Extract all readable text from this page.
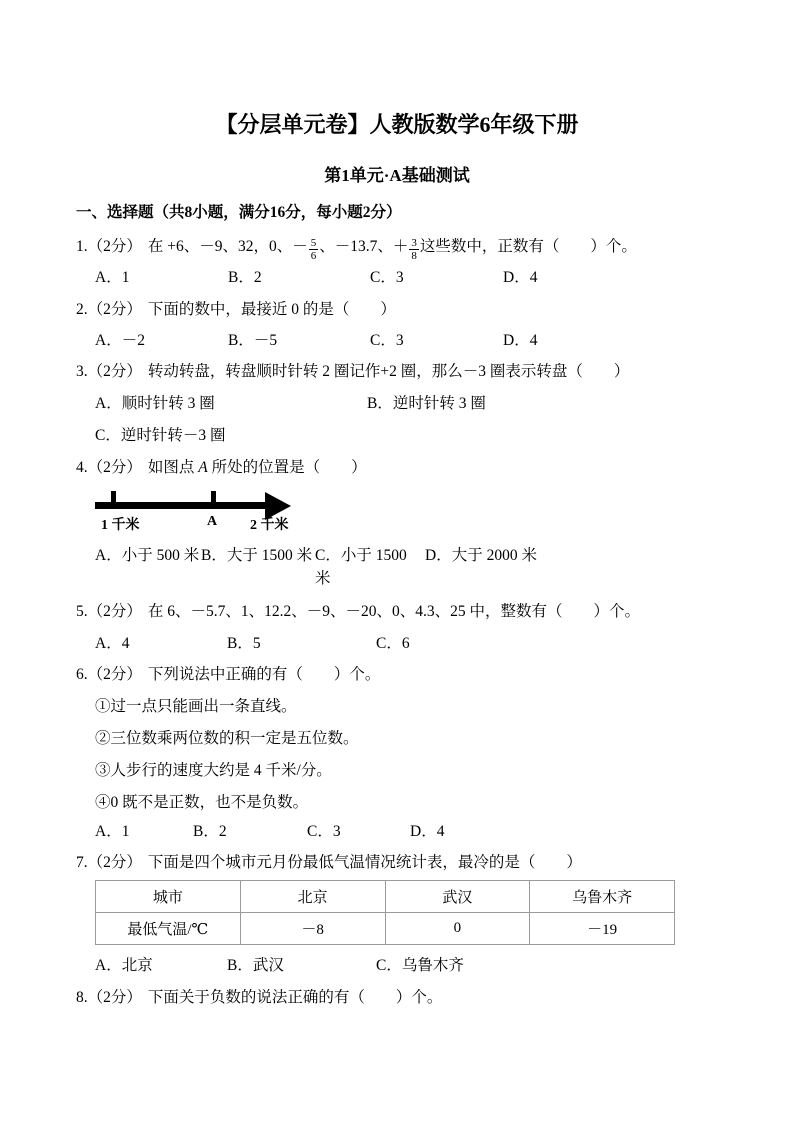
【分层单元卷】人教版数学6年级下册
第1单元·A基础测试
一、选择题（共8小题，满分16分，每小题2分）
1.（2分） 在 +6、－9、32，0、－ $\frac{5}{6}$ 、－13.7、＋ $\frac{3}{8}$ 这些数中，正数有（　　）个。
A．1	B．2	C．3	D．4
2.（2分） 下面的数中，最接近 0 的是（　　）
A．－2	B．－5	C．3	D．4
3.（2分） 转动转盘，转盘顺时针转 2 圈记作+2 圈，那么－3 圈表示转盘（　　）
A．顺时针转 3 圈	B．逆时针转 3 圈
C．逆时针转－3 圈
4.（2分） 如图点 A 所处的位置是（　　）
1 千米	A 2 千米
A．小于 500 米 B．大于 1500 米 C．小于 1500 米
D．大于 2000 米
5.（2分） 在 6、－5.7、1、12.2、－9、－20、0、4.3、25 中，整数有（　　）个。
A．4	B．5	C．6
6.（2分） 下列说法中正确的有（　　）个。
①过一点只能画出一条直线。
②三位数乘两位数的积一定是五位数。
③人步行的速度大约是 4 千米/分。
④0 既不是正数，也不是负数。
A．1	B．2	C．3	D．4
7.（2分） 下面是四个城市元月份最低气温情况统计表，最冷的是（　　）
城市	北京	武汉	乌鲁木齐
最低气温/℃	－8	0	－19
A．北京	B．武汉	C．乌鲁木齐
8.（2分） 下面关于负数的说法正确的有（　　）个。
